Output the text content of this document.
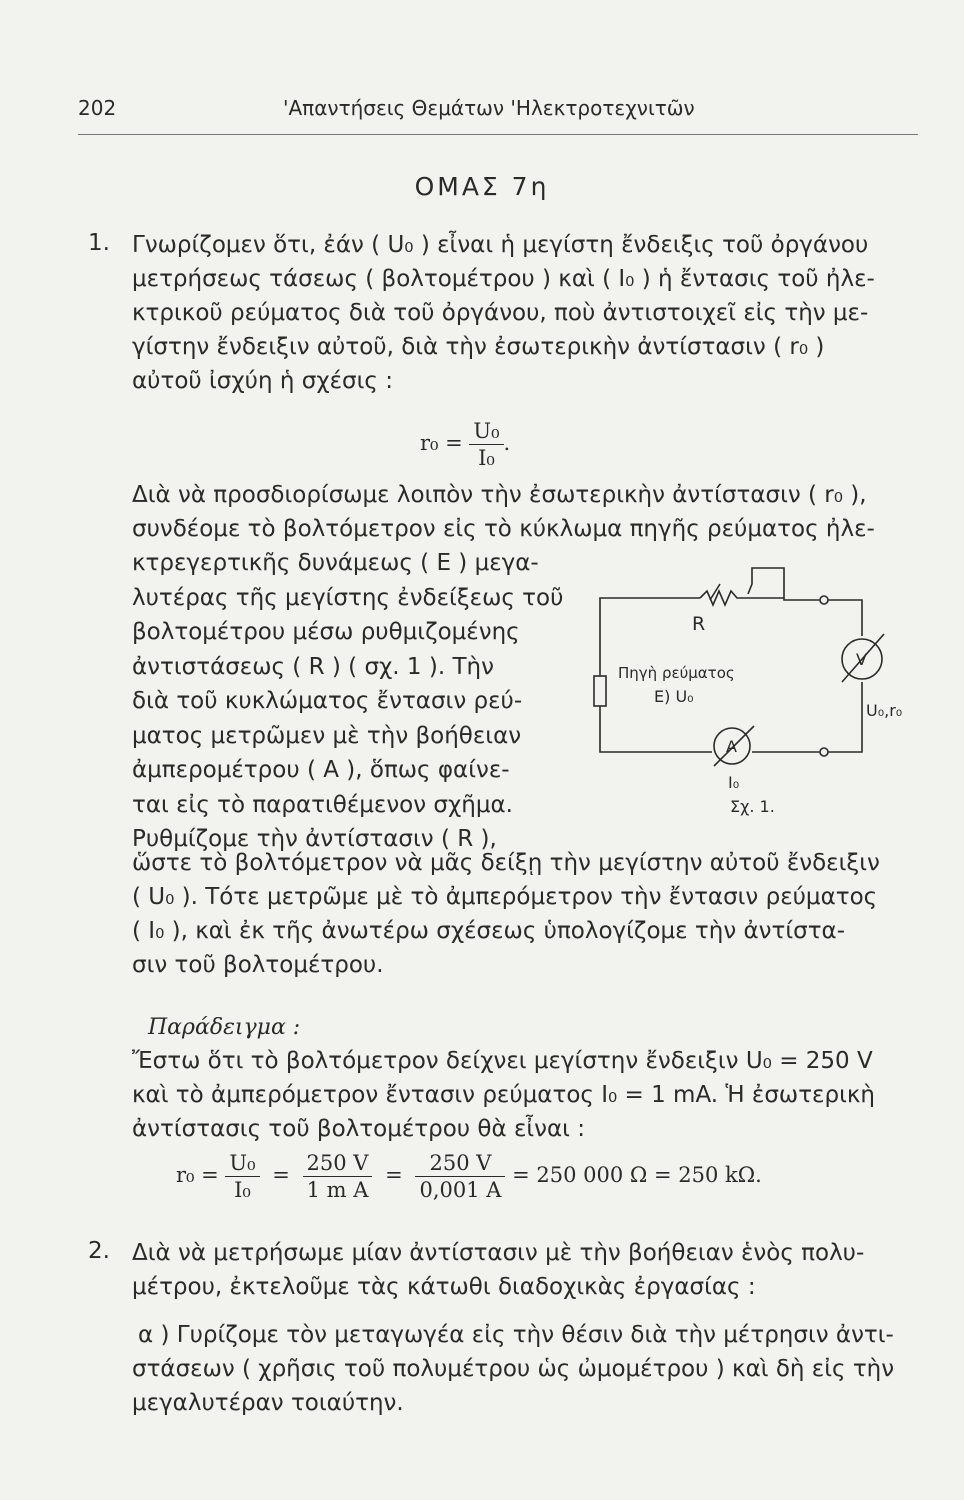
202	'Απαντήσεις Θεμάτων 'Ηλεκτροτεχνιτῶν
ΟΜΑΣ 7η
1. Γνωρίζομεν ὅτι, ἐάν ( U₀ ) εἶναι ἡ μεγίστη ἔνδειξις τοῦ ὀργάνου
μετρήσεως τάσεως ( βολτομέτρου ) καὶ ( I₀ ) ἡ ἔντασις τοῦ ἠλε-
κτρικοῦ ρεύματος διὰ τοῦ ὀργάνου, ποὺ ἀντιστοιχεῖ εἰς τὴν με-
γίστην ἔνδειξιν αὐτοῦ, διὰ τὴν ἐσωτερικὴν ἀντίστασιν ( r₀ )
αὐτοῦ ἰσχύη ἡ σχέσις :
$r_0 = \frac{\text{U₀}}{\text{I₀}}$ .
Διὰ νὰ προσδιορίσωμε λοιπὸν τὴν ἐσωτερικὴν ἀντίστασιν ( r₀ ),
συνδέομε τὸ βολτόμετρον εἰς τὸ κύκλωμα πηγῆς ρεύματος ἠλε-
κτρεγερτικῆς δυνάμεως ( E ) μεγα-
λυτέρας τῆς μεγίστης ἐνδείξεως τοῦ
βολτομέτρου μέσω ρυθμιζομένης
ἀντιστάσεως ( R ) ( σχ. 1 ). Τὴν
διὰ τοῦ κυκλώματος ἔντασιν ρεύ-
ματος μετρῶμεν μὲ τὴν βοήθειαν
ἀμπερομέτρου ( A ), ὅπως φαίνε-
ται εἰς τὸ παρατιθέμενον σχῆμα.
Ρυθμίζομε τὴν ἀντίστασιν ( R ),
R
Πηγὴ ρεύματος
E) U₀
V
U₀,r₀
A
I₀
Σχ. 1.
ὥστε τὸ βολτόμετρον νὰ μᾶς δείξῃ τὴν μεγίστην αὐτοῦ ἔνδειξιν
( U₀ ). Τότε μετρῶμε μὲ τὸ ἀμπερόμετρον τὴν ἔντασιν ρεύματος
( I₀ ), καὶ ἐκ τῆς ἀνωτέρω σχέσεως ὑπολογίζομε τὴν ἀντίστα-
σιν τοῦ βολτομέτρου.
Παράδειγμα :
Ἔστω ὅτι τὸ βολτόμετρον δείχνει μεγίστην ἔνδειξιν U₀ = 250 V
καὶ τὸ ἀμπερόμετρον ἔντασιν ρεύματος I₀ = 1 mA. Ἡ ἐσωτερικὴ
ἀντίστασις τοῦ βολτομέτρου θὰ εἶναι :
$r_0 = \frac{\text{U₀}}{\text{I₀}} = \frac{250 V}{\text{1 m A}} = \frac{250 V}{0,001 A} = 250$ 000 Ω = 250 kΩ.
2. Διὰ νὰ μετρήσωμε μίαν ἀντίστασιν μὲ τὴν βοήθειαν ἑνὸς πολυ-
μέτρου, ἐκτελοῦμε τὰς κάτωθι διαδοχικὰς ἐργασίας :
α ) Γυρίζομε τὸν μεταγωγέα εἰς τὴν θέσιν διὰ τὴν μέτρησιν ἀντι-
στάσεων ( χρῆσις τοῦ πολυμέτρου ὡς ὠμομέτρου ) καὶ δὴ εἰς τὴν
μεγαλυτέραν τοιαύτην.
